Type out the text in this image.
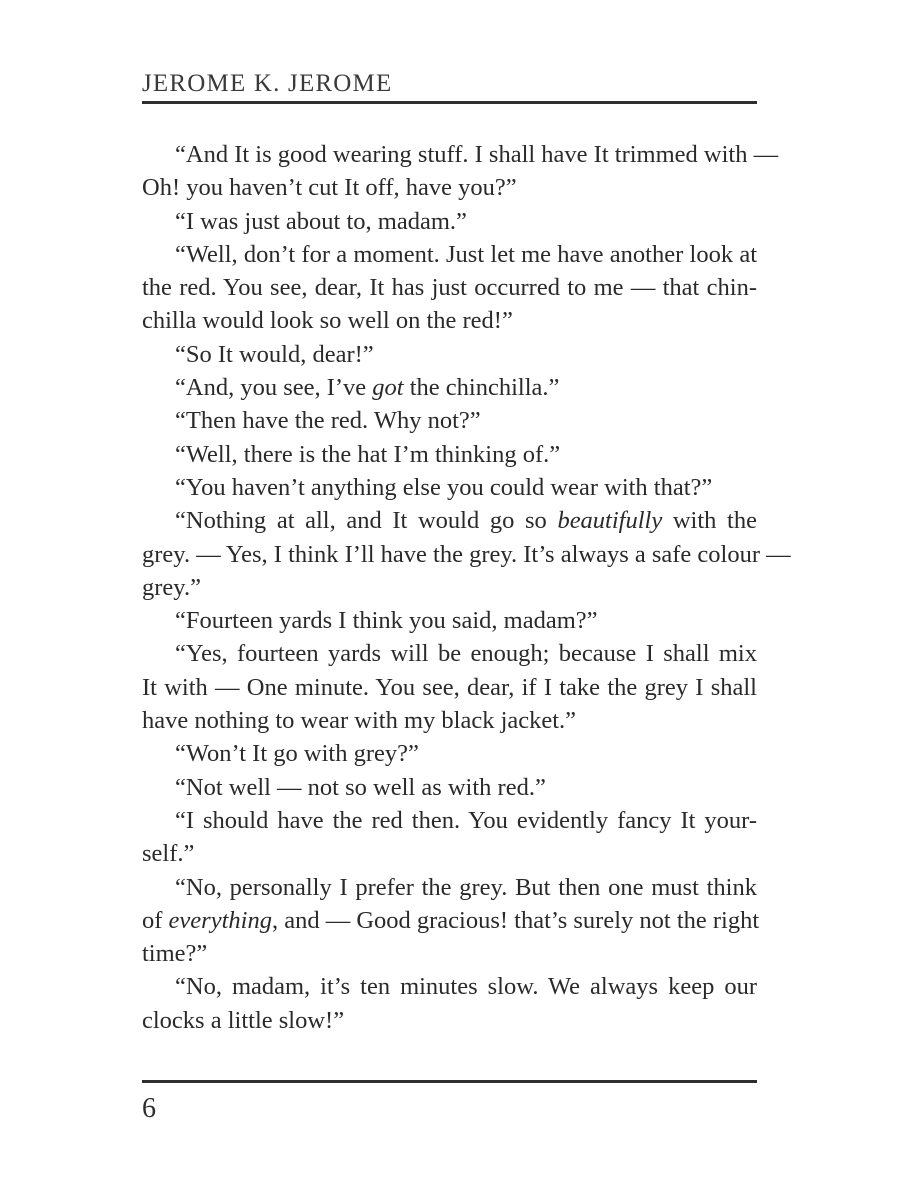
JEROME K. JEROME
“And It is good wearing stuff. I shall have It trimmed with —
Oh! you haven’t cut It off, have you?”
“I was just about to, madam.”
“Well, don’t for a moment. Just let me have another look at
the red. You see, dear, It has just occurred to me — that chin-
chilla would look so well on the red!”
“So It would, dear!”
“And, you see, I’ve got the chinchilla.”
“Then have the red. Why not?”
“Well, there is the hat I’m thinking of.”
“You haven’t anything else you could wear with that?”
“Nothing at all, and It would go so beautifully with the
grey. — Yes, I think I’ll have the grey. It’s always a safe colour —
grey.”
“Fourteen yards I think you said, madam?”
“Yes, fourteen yards will be enough; because I shall mix
It with — One minute. You see, dear, if I take the grey I shall
have nothing to wear with my black jacket.”
“Won’t It go with grey?”
“Not well — not so well as with red.”
“I should have the red then. You evidently fancy It your-
self.”
“No, personally I prefer the grey. But then one must think
of everything, and — Good gracious! that’s surely not the right
time?”
“No, madam, it’s ten minutes slow. We always keep our
clocks a little slow!”
6
